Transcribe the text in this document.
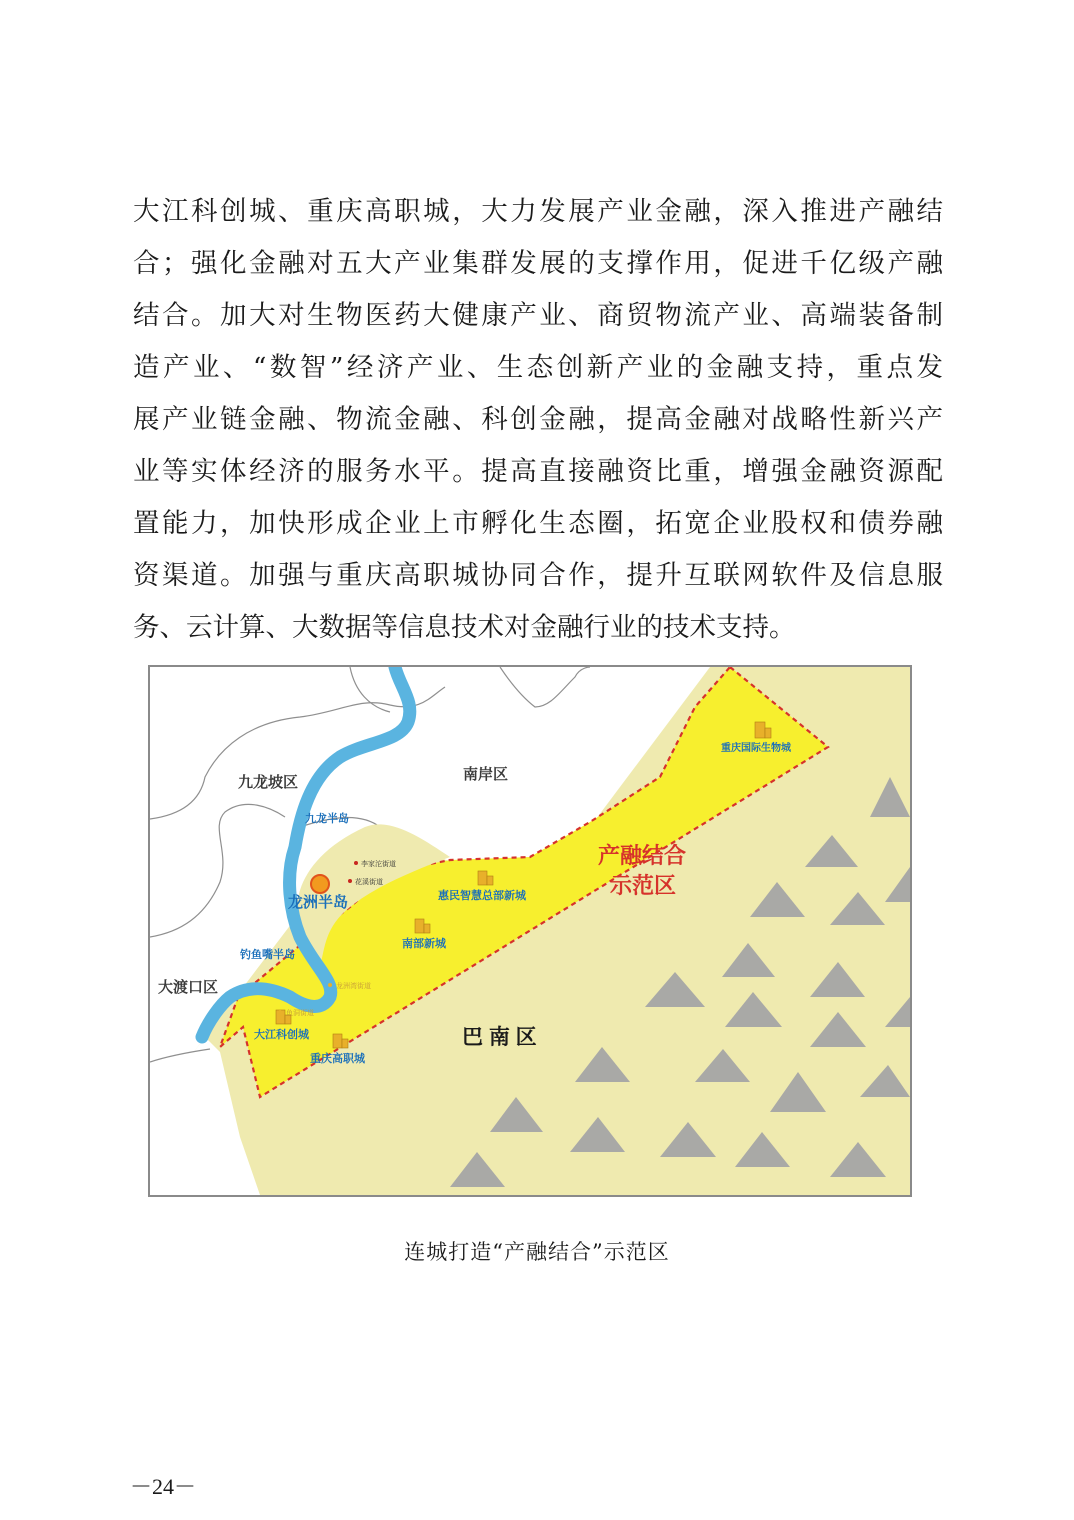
大江科创城、重庆高职城，大力发展产业金融，深入推进产融结
合；强化金融对五大产业集群发展的支撑作用，促进千亿级产融
结合。加大对生物医药大健康产业、商贸物流产业、高端装备制
造产业、“数智”经济产业、生态创新产业的金融支持，重点发
展产业链金融、物流金融、科创金融，提高金融对战略性新兴产
业等实体经济的服务水平。提高直接融资比重，增强金融资源配
置能力，加快形成企业上市孵化生态圈，拓宽企业股权和债券融
资渠道。加强与重庆高职城协同合作，提升互联网软件及信息服
务、云计算、大数据等信息技术对金融行业的技术支持。
九龙坡区	南岸区
大渡口区
巴 南 区
九龙半岛
龙洲半岛
钓鱼嘴半岛
李家沱街道
花溪街道
龙洲湾街道
鱼洞街道
重庆国际生物城
惠民智慧总部新城
南部新城
大江科创城
重庆高职城
产融结合
示范区
连城打造“产融结合”示范区
－24－
